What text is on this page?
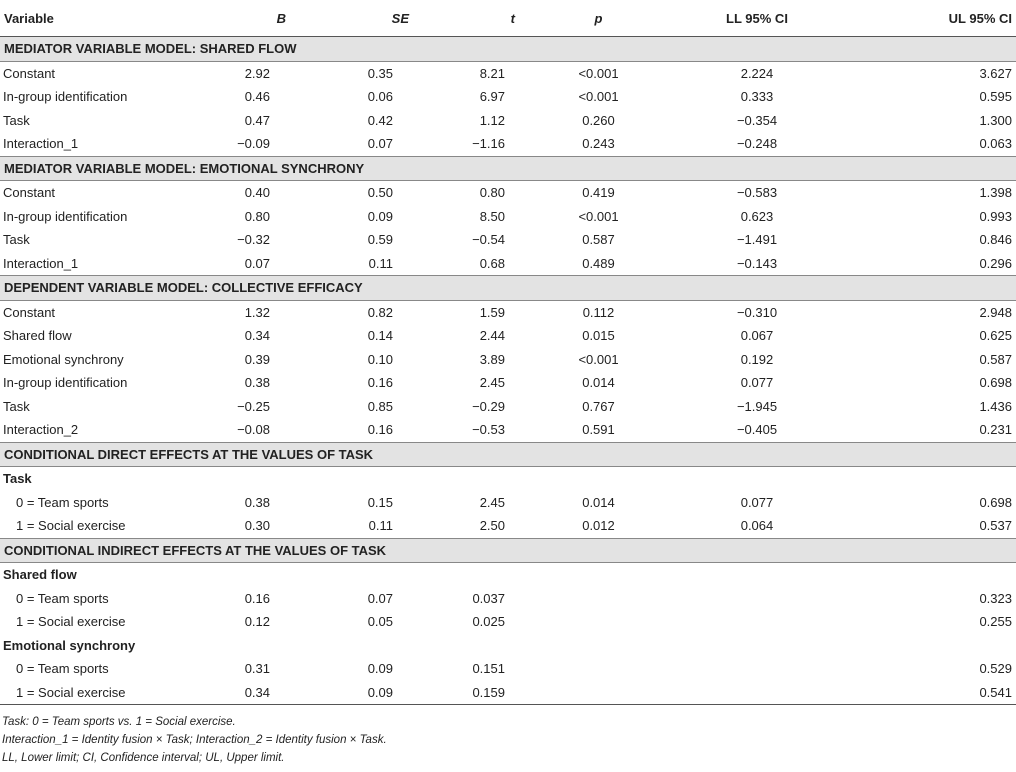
Variable	B	SE	t	p	LL 95% CI	UL 95% CI
MEDIATOR VARIABLE MODEL: SHARED FLOW						
Constant	2.92	0.35	8.21	<0.001	2.224	3.627
In-group identification	0.46	0.06	6.97	<0.001	0.333	0.595
Task	0.47	0.42	1.12	0.260	−0.354	1.300
Interaction_1	−0.09	0.07	−1.16	0.243	−0.248	0.063
MEDIATOR VARIABLE MODEL: EMOTIONAL SYNCHRONY						
Constant	0.40	0.50	0.80	0.419	−0.583	1.398
In-group identification	0.80	0.09	8.50	<0.001	0.623	0.993
Task	−0.32	0.59	−0.54	0.587	−1.491	0.846
Interaction_1	0.07	0.11	0.68	0.489	−0.143	0.296
DEPENDENT VARIABLE MODEL: COLLECTIVE EFFICACY						
Constant	1.32	0.82	1.59	0.112	−0.310	2.948
Shared flow	0.34	0.14	2.44	0.015	0.067	0.625
Emotional synchrony	0.39	0.10	3.89	<0.001	0.192	0.587
In-group identification	0.38	0.16	2.45	0.014	0.077	0.698
Task	−0.25	0.85	−0.29	0.767	−1.945	1.436
Interaction_2	−0.08	0.16	−0.53	0.591	−0.405	0.231
CONDITIONAL DIRECT EFFECTS AT THE VALUES OF TASK						
Task						
0 = Team sports	0.38	0.15	2.45	0.014	0.077	0.698
1 = Social exercise	0.30	0.11	2.50	0.012	0.064	0.537
CONDITIONAL INDIRECT EFFECTS AT THE VALUES OF TASK						
Shared flow						
0 = Team sports	0.16	0.07	0.037			0.323
1 = Social exercise	0.12	0.05	0.025			0.255
Emotional synchrony						
0 = Team sports	0.31	0.09	0.151			0.529
1 = Social exercise	0.34	0.09	0.159			0.541
Task: 0 = Team sports vs. 1 = Social exercise.
Interaction_1 = Identity fusion × Task; Interaction_2 = Identity fusion × Task.
LL, Lower limit; CI, Confidence interval; UL, Upper limit.
